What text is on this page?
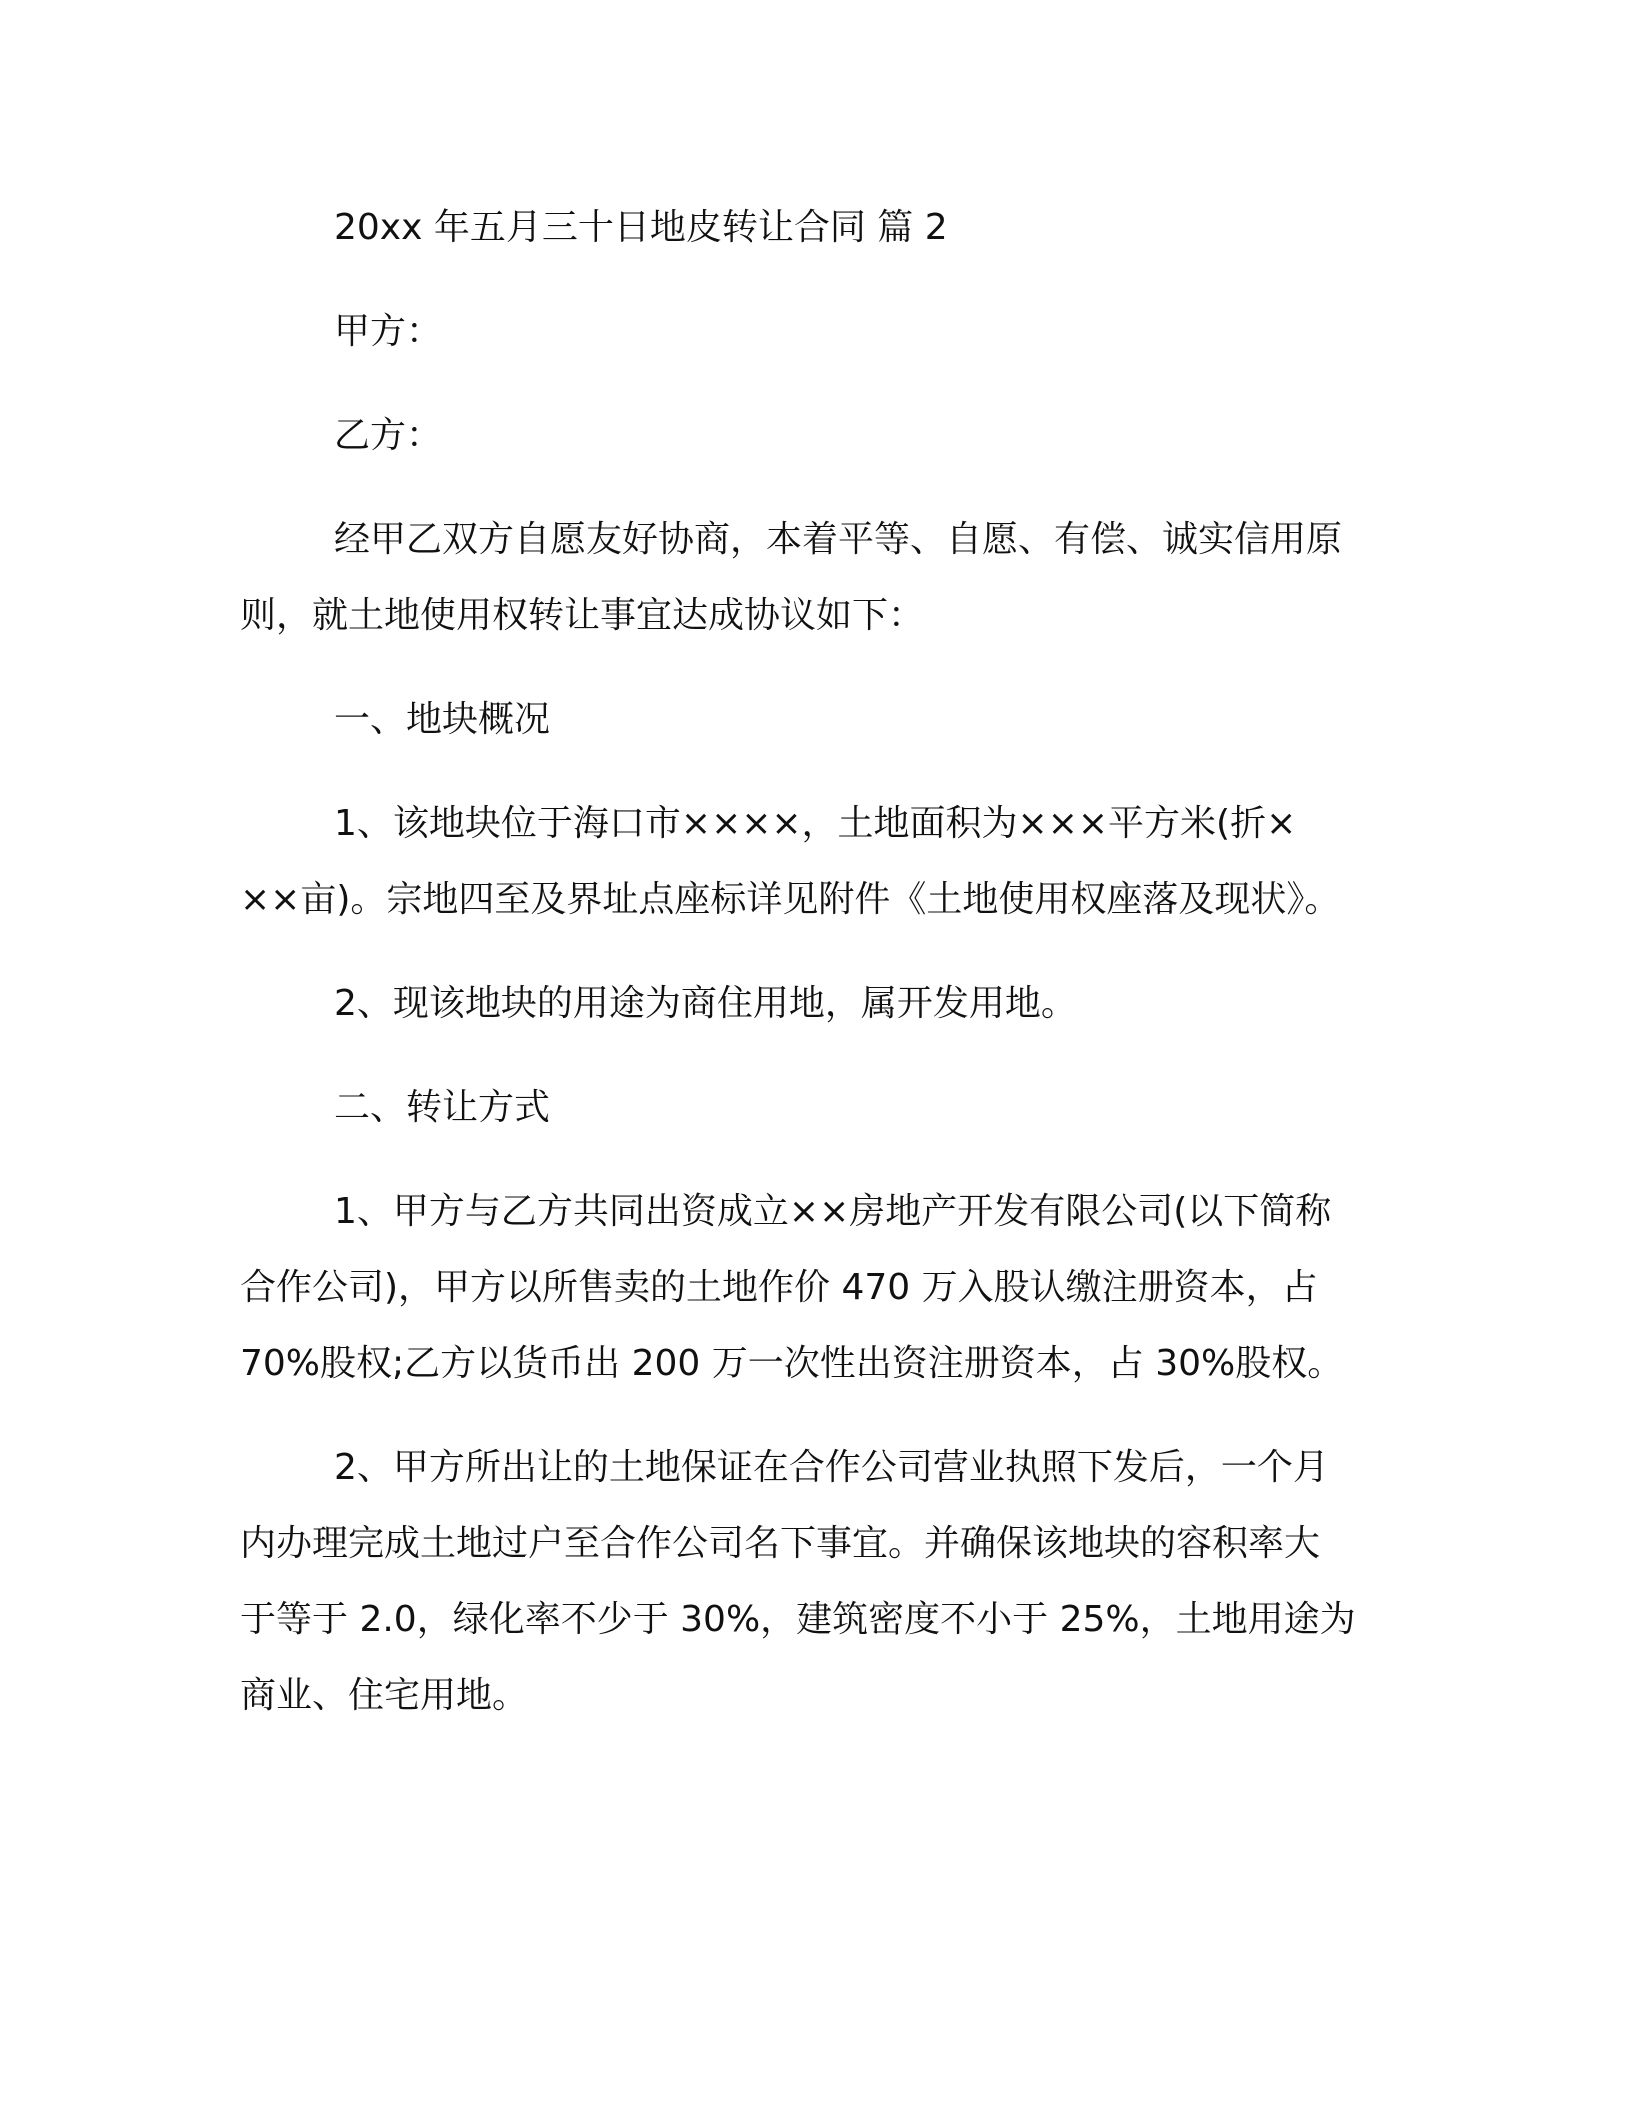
20xx 年五月三十日地皮转让合同 篇 2

甲方：

乙方：

经甲乙双方自愿友好协商，本着平等、自愿、有偿、诚实信用原

则，就土地使用权转让事宜达成协议如下：

一、地块概况

1、该地块位于海口市××××，土地面积为×××平方米(折×

××亩)。宗地四至及界址点座标详见附件《土地使用权座落及现状》。

2、现该地块的用途为商住用地，属开发用地。

二、转让方式

1、甲方与乙方共同出资成立××房地产开发有限公司(以下简称

合作公司)，甲方以所售卖的土地作价 470 万入股认缴注册资本，占

70%股权;乙方以货币出 200 万一次性出资注册资本，占 30%股权。

2、甲方所出让的土地保证在合作公司营业执照下发后，一个月

内办理完成土地过户至合作公司名下事宜。并确保该地块的容积率大

于等于 2.0，绿化率不少于 30%，建筑密度不小于 25%，土地用途为

商业、住宅用地。
